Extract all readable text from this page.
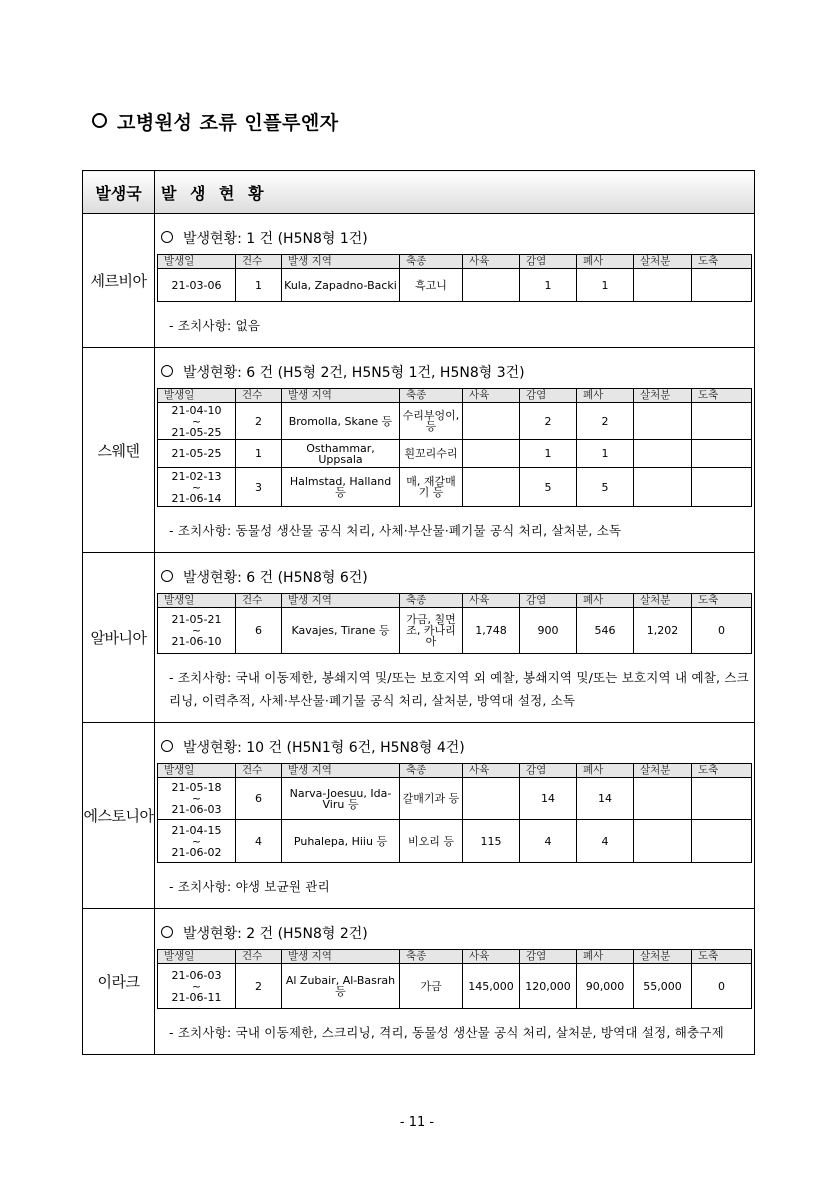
고병원성 조류 인플루엔자
발생국	발 생 현 황
세르비아	
발생현황: 1 건 (H5N8형 1건)
발생일	건수	발생 지역	축종	사육	감염	폐사	살처분	도축

21-03-06	1	Kula, Zapadno-Backi	흑고니		1	1		
- 조치사항: 없음

스웨덴	
발생현황: 6 건 (H5형 2건, H5N5형 1건, H5N8형 3건)
발생일	건수	발생 지역	축종	사육	감염	폐사	살처분	도축

21-04-10
~
21-05-25
	2	Bromolla, Skane 등	수리부엉이, 등		2	2		

21-05-25	1	Osthammar, Uppsala	흰꼬리수리		1	1		

21-02-13
~
21-06-14
	3	Halmstad, Halland 등	매, 재갈매기 등		5	5		
- 조치사항: 동물성 생산물 공식 처리, 사체·부산물·폐기물 공식 처리, 살처분, 소독

알바니아	
발생현황: 6 건 (H5N8형 6건)
발생일	건수	발생 지역	축종	사육	감염	폐사	살처분	도축

21-05-21
~
21-06-10
	6	Kavajes, Tirane 등	가금, 칠면조, 카나리아	1,748	900	546	1,202	0
- 조치사항: 국내 이동제한, 봉쇄지역 및/또는 보호지역 외 예찰, 봉쇄지역 및/또는 보호지역 내 예찰, 스크리닝, 이력추적, 사체·부산물·폐기물 공식 처리, 살처분, 방역대 설정, 소독

에스토니아	
발생현황: 10 건 (H5N1형 6건, H5N8형 4건)
발생일	건수	발생 지역	축종	사육	감염	폐사	살처분	도축

21-05-18
~
21-06-03
	6	Narva-Joesuu, Ida-Viru 등	갈매기과 등		14	14		

21-04-15
~
21-06-02
	4	Puhalepa, Hiiu 등	비오리 등	115	4	4		
- 조치사항: 야생 보균원 관리

이라크	
발생현황: 2 건 (H5N8형 2건)
발생일	건수	발생 지역	축종	사육	감염	폐사	살처분	도축

21-06-03
~
21-06-11
	2	Al Zubair, Al-Basrah 등	가금	145,000	120,000	90,000	55,000	0
- 조치사항: 국내 이동제한, 스크리닝, 격리, 동물성 생산물 공식 처리, 살처분, 방역대 설정, 해충구제
- 11 -
